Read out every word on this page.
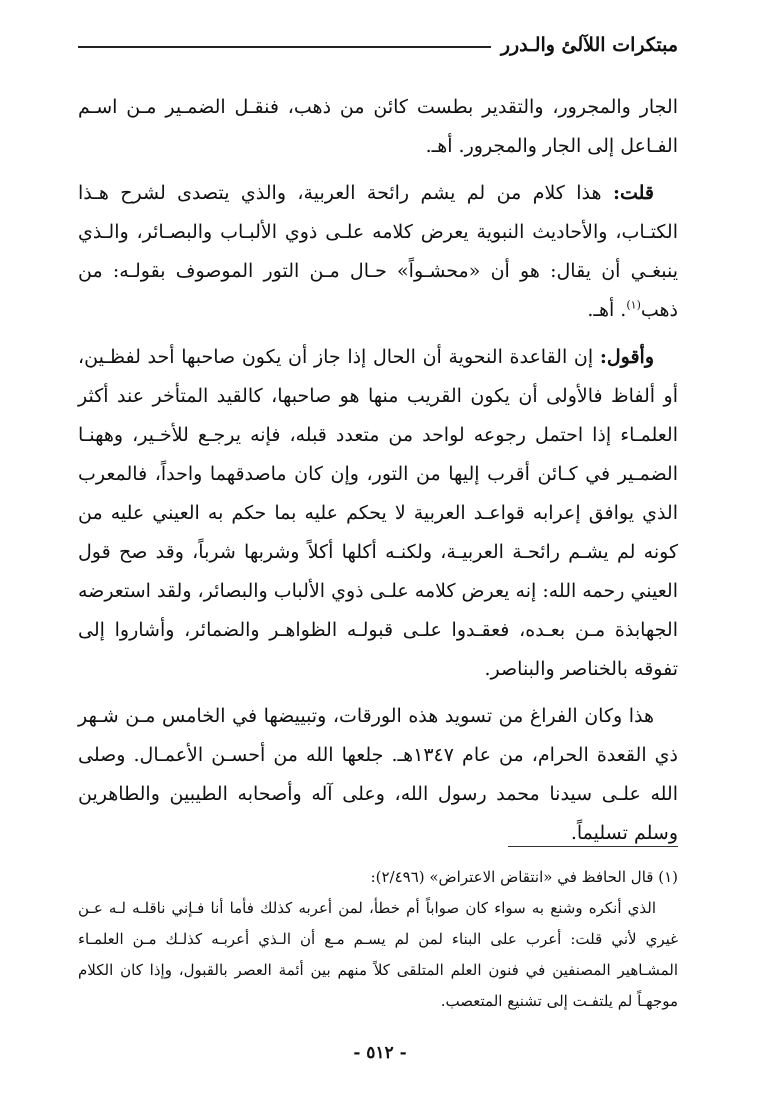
مبتكرات اللآلئ والـدرر

الجار والمجرور، والتقدير بطست كائن من ذهب، فنقـل الضمـير مـن اسـم الفـاعل إلى الجار والمجرور. أهـ.

قلت: هذا كلام من لم يشم رائحة العربية، والذي يتصدى لشرح هـذا الكتـاب، والأحاديث النبوية يعرض كلامه علـى ذوي الألبـاب والبصـائر، والـذي ينبغـي أن يقال: هو أن «محشـواً» حـال مـن التور الموصوف بقولـه: من ذهب$^{(١)}$. أهـ.

وأقول: إن القاعدة النحوية أن الحال إذا جاز أن يكون صاحبها أحد لفظـين، أو ألفاظ فالأولى أن يكون القريب منها هو صاحبها، كالقيد المتأخر عند أكثر العلمـاء إذا احتمل رجوعه لواحد من متعدد قبله، فإنه يرجـع للأخـير، وههنـا الضمـير في كـائن أقرب إليها من التور، وإن كان ماصدقهما واحداً، فالمعرب الذي يوافق إعرابه قواعـد العربية لا يحكم عليه بما حكم به العيني عليه من كونه لم يشـم رائحـة العربيـة، ولكنـه أكلها أكلاً وشربها شرباً، وقد صح قول العيني رحمه الله: إنه يعرض كلامه علـى ذوي الألباب والبصائر، ولقد استعرضه الجهابذة مـن بعـده، فعقـدوا علـى قبولـه الظواهـر والضمائر، وأشاروا إلى تفوقه بالخناصر والبناصر.

هذا وكان الفراغ من تسويد هذه الورقات، وتبييضها في الخامس مـن شـهر ذي القعدة الحرام، من عام ١٣٤٧هـ. جلعها الله من أحسـن الأعمـال. وصلى الله علـى سيدنا محمد رسول الله، وعلى آله وأصحابه الطيبين والطاهرين وسلم تسليماً.

(١) قال الحافظ في «انتقاض الاعتراض» (٢/٤٩٦):

الذي أنكره وشنع به سواء كان صواباً أم خطأ، لمن أعربه كذلك فأما أنا فـإني ناقلـه لـه عـن غيري لأني قلت: أعرب على البناء لمن لم يسـم مـع أن الـذي أعربـه كذلـك مـن العلمـاء المشـاهير المصنفين في فنون العلم المتلقى كلاً منهم بين أئمة العصر بالقبول، وإذا كان الكلام موجهـاً لم يلتفـت إلى تشنيع المتعصب.

- ٥١٢ -
